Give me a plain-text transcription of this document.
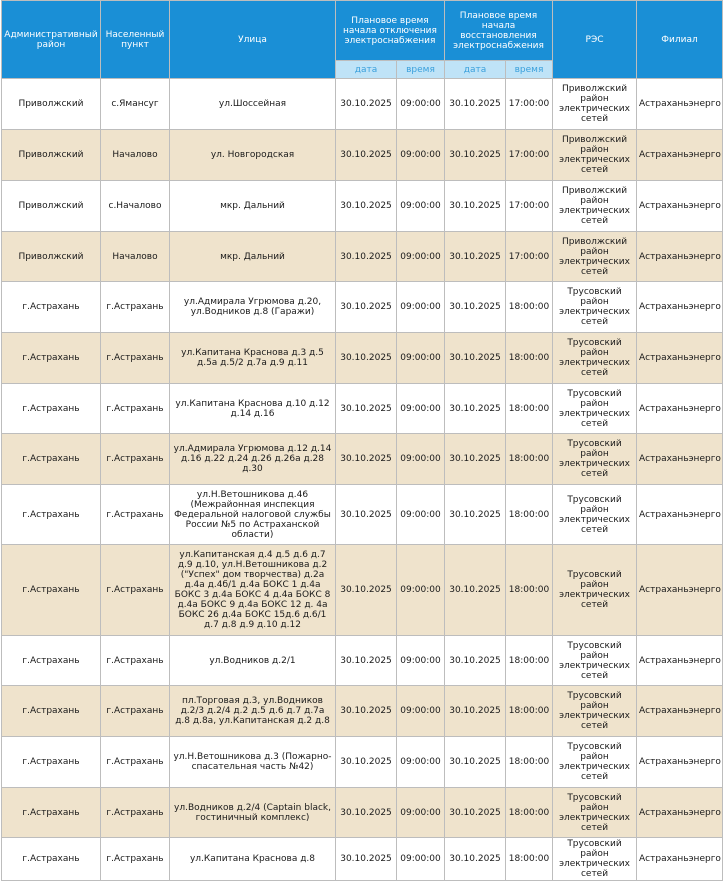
Административный район	Населенный пункт	Улица	Плановое время начала отключения электроснабжения		Плановое время начала восстановления электроснабжения		РЭС	Филиал
			дата	время	дата	время		
Приволжский	с.Ямансуг	ул.Шоссейная	30.10.2025	09:00:00	30.10.2025	17:00:00	Приволжский район электрических сетей	Астраханьэнерго
Приволжский	Началово	ул. Новгородская	30.10.2025	09:00:00	30.10.2025	17:00:00	Приволжский район электрических сетей	Астраханьэнерго
Приволжский	с.Началово	мкр. Дальний	30.10.2025	09:00:00	30.10.2025	17:00:00	Приволжский район электрических сетей	Астраханьэнерго
Приволжский	Началово	мкр. Дальний	30.10.2025	09:00:00	30.10.2025	17:00:00	Приволжский район электрических сетей	Астраханьэнерго
г.Астрахань	г.Астрахань	ул.Адмирала Угрюмова д.20, ул.Водников д.8 (Гаражи)	30.10.2025	09:00:00	30.10.2025	18:00:00	Трусовский район электрических сетей	Астраханьэнерго
г.Астрахань	г.Астрахань	ул.Капитана Краснова д.3 д.5 д.5а д.5/2 д.7а д.9 д.11	30.10.2025	09:00:00	30.10.2025	18:00:00	Трусовский район электрических сетей	Астраханьэнерго
г.Астрахань	г.Астрахань	ул.Капитана Краснова д.10 д.12 д.14 д.16	30.10.2025	09:00:00	30.10.2025	18:00:00	Трусовский район электрических сетей	Астраханьэнерго
г.Астрахань	г.Астрахань	ул.Адмирала Угрюмова д.12 д.14 д.16 д.22 д.24 д.26 д.26а д.28 д.30	30.10.2025	09:00:00	30.10.2025	18:00:00	Трусовский район электрических сетей	Астраханьэнерго
г.Астрахань	г.Астрахань	ул.Н.Ветошникова д.46 (Межрайонная инспекция Федеральной налоговой службы России №5 по Астраханской области)	30.10.2025	09:00:00	30.10.2025	18:00:00	Трусовский район электрических сетей	Астраханьэнерго
г.Астрахань	г.Астрахань	ул.Капитанская д.4 д.5 д.6 д.7 д.9 д.10, ул.Н.Ветошникова д.2 ("Успех" дом творчества) д.2а д.4а д.4б/1 д.4а БОКС 1 д.4а БОКС 3 д.4а БОКС 4 д.4а БОКС 8 д.4а БОКС 9 д.4а БОКС 12 д. 4а БОКС 26 д.4а БОКС 15д.6 д.6/1 д.7 д.8 д.9 д.10 д.12	30.10.2025	09:00:00	30.10.2025	18:00:00	Трусовский район электрических сетей	Астраханьэнерго
г.Астрахань	г.Астрахань	ул.Водников д.2/1	30.10.2025	09:00:00	30.10.2025	18:00:00	Трусовский район электрических сетей	Астраханьэнерго
г.Астрахань	г.Астрахань	пл.Торговая д.3, ул.Водников д.2/3 д.2/4 д.2 д.5 д.6 д.7 д.7а д.8 д.8а, ул.Капитанская д.2 д.8	30.10.2025	09:00:00	30.10.2025	18:00:00	Трусовский район электрических сетей	Астраханьэнерго
г.Астрахань	г.Астрахань	ул.Н.Ветошникова д.3 (Пожарно-спасательная часть №42)	30.10.2025	09:00:00	30.10.2025	18:00:00	Трусовский район электрических сетей	Астраханьэнерго
г.Астрахань	г.Астрахань	ул.Водников д.2/4 (Captain black, гостиничный комплекс)	30.10.2025	09:00:00	30.10.2025	18:00:00	Трусовский район электрических сетей	Астраханьэнерго
г.Астрахань	г.Астрахань	ул.Капитана Краснова д.8	30.10.2025	09:00:00	30.10.2025	18:00:00	Трусовский район электрических сетей	Астраханьэнерго
